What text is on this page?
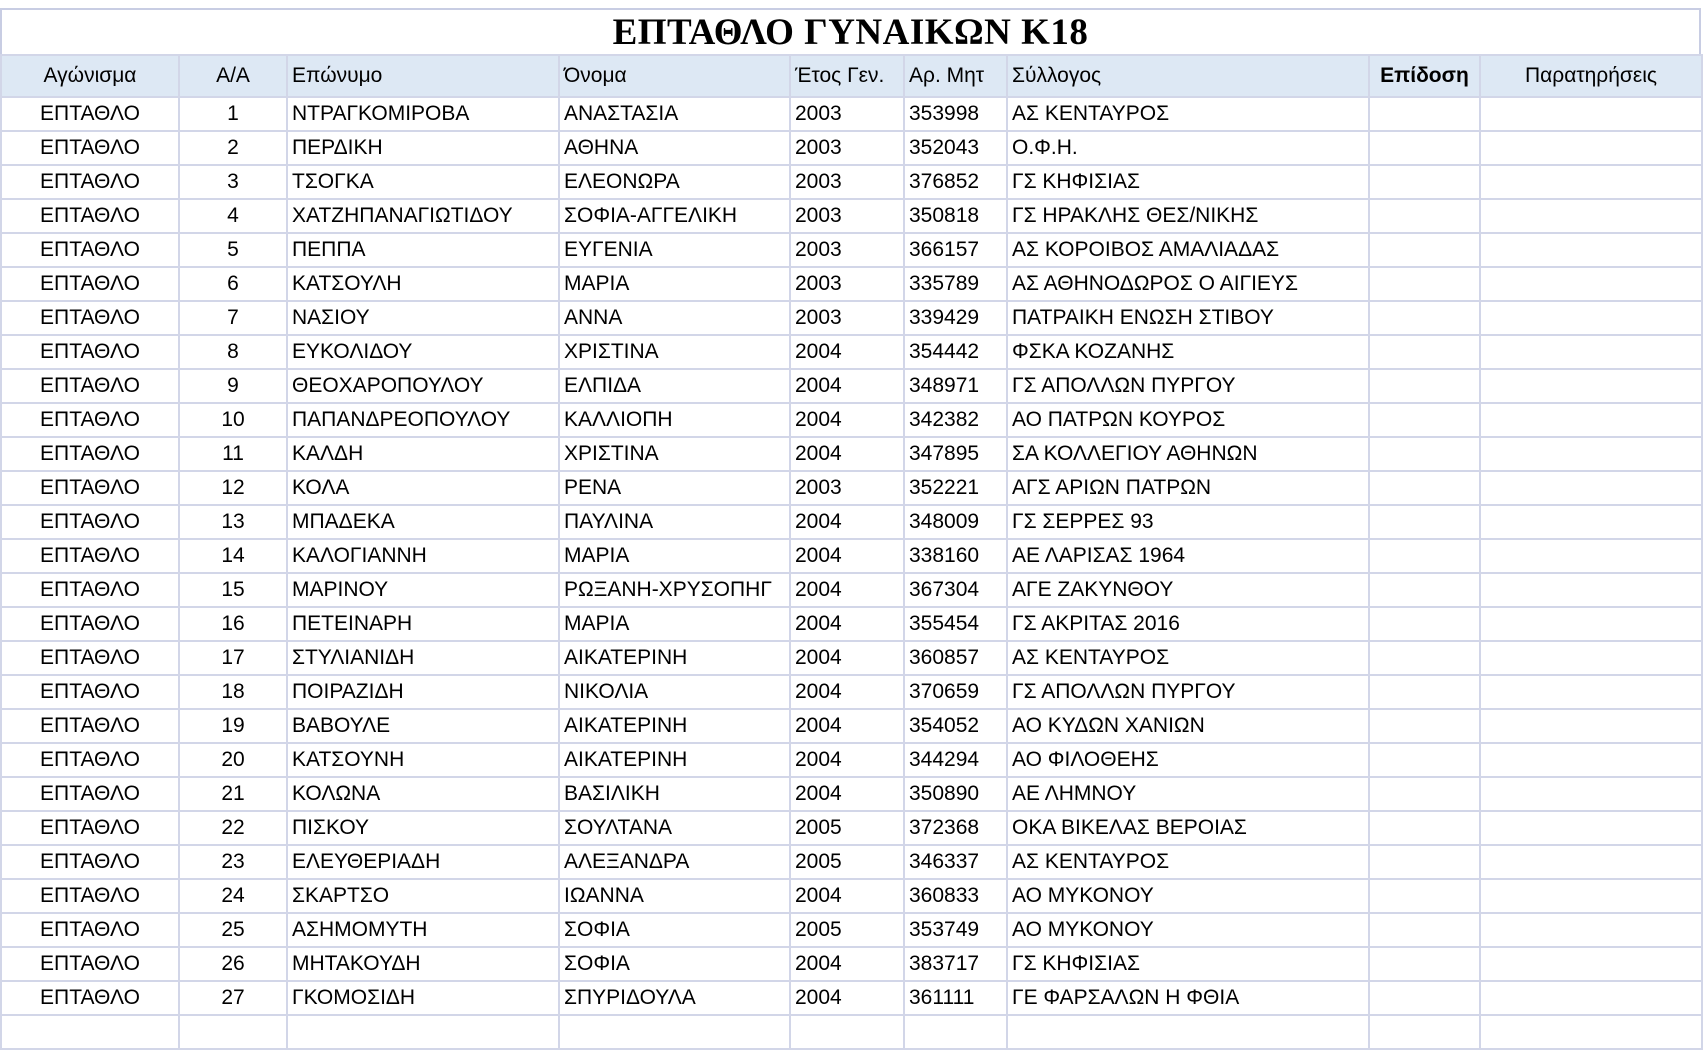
ΕΠΤΑΘΛΟ ΓΥΝΑΙΚΩΝ Κ18
Αγώνισμα	Α/Α	Επώνυμο	Όνομα	Έτος Γεν.	Αρ. Μητ	Σύλλογος	Επίδοση	Παρατηρήσεις
ΕΠΤΑΘΛΟ	1	ΝΤΡΑΓΚΟΜΙΡΟΒΑ	ΑΝΑΣΤΑΣΙΑ	2003	353998	ΑΣ ΚΕΝΤΑΥΡΟΣ		
ΕΠΤΑΘΛΟ	2	ΠΕΡΔΙΚΗ	ΑΘΗΝΑ	2003	352043	Ο.Φ.Η.		
ΕΠΤΑΘΛΟ	3	ΤΣΟΓΚΑ	ΕΛΕΟΝΩΡΑ	2003	376852	ΓΣ ΚΗΦΙΣΙΑΣ		
ΕΠΤΑΘΛΟ	4	ΧΑΤΖΗΠΑΝΑΓΙΩΤΙΔΟΥ	ΣΟΦΙΑ-ΑΓΓΕΛΙΚΗ	2003	350818	ΓΣ ΗΡΑΚΛΗΣ ΘΕΣ/ΝΙΚΗΣ		
ΕΠΤΑΘΛΟ	5	ΠΕΠΠΑ	ΕΥΓΕΝΙΑ	2003	366157	ΑΣ ΚΟΡΟΙΒΟΣ ΑΜΑΛΙΑΔΑΣ		
ΕΠΤΑΘΛΟ	6	ΚΑΤΣΟΥΛΗ	ΜΑΡΙΑ	2003	335789	ΑΣ ΑΘΗΝΟΔΩΡΟΣ Ο ΑΙΓΙΕΥΣ		
ΕΠΤΑΘΛΟ	7	ΝΑΣΙΟΥ	ΑΝΝΑ	2003	339429	ΠΑΤΡΑΙΚΗ ΕΝΩΣΗ ΣΤΙΒΟΥ		
ΕΠΤΑΘΛΟ	8	ΕΥΚΟΛΙΔΟΥ	ΧΡΙΣΤΙΝΑ	2004	354442	ΦΣΚΑ ΚΟΖΑΝΗΣ		
ΕΠΤΑΘΛΟ	9	ΘΕΟΧΑΡΟΠΟΥΛΟΥ	ΕΛΠΙΔΑ	2004	348971	ΓΣ ΑΠΟΛΛΩΝ ΠΥΡΓΟΥ		
ΕΠΤΑΘΛΟ	10	ΠΑΠΑΝΔΡΕΟΠΟΥΛΟΥ	ΚΑΛΛΙΟΠΗ	2004	342382	ΑΟ ΠΑΤΡΩΝ ΚΟΥΡΟΣ		
ΕΠΤΑΘΛΟ	11	ΚΑΛΔΗ	ΧΡΙΣΤΙΝΑ	2004	347895	ΣΑ ΚΟΛΛΕΓΙΟΥ ΑΘΗΝΩΝ		
ΕΠΤΑΘΛΟ	12	ΚΟΛΑ	ΡΕΝΑ	2003	352221	ΑΓΣ ΑΡΙΩΝ ΠΑΤΡΩΝ		
ΕΠΤΑΘΛΟ	13	ΜΠΑΔΕΚΑ	ΠΑΥΛΙΝΑ	2004	348009	ΓΣ ΣΕΡΡΕΣ 93		
ΕΠΤΑΘΛΟ	14	ΚΑΛΟΓΙΑΝΝΗ	ΜΑΡΙΑ	2004	338160	ΑΕ ΛΑΡΙΣΑΣ 1964		
ΕΠΤΑΘΛΟ	15	ΜΑΡΙΝΟΥ	ΡΩΞΑΝΗ-ΧΡΥΣΟΠΗΓ	2004	367304	ΑΓΕ ΖΑΚΥΝΘΟΥ		
ΕΠΤΑΘΛΟ	16	ΠΕΤΕΙΝΑΡΗ	ΜΑΡΙΑ	2004	355454	ΓΣ ΑΚΡΙΤΑΣ 2016		
ΕΠΤΑΘΛΟ	17	ΣΤΥΛΙΑΝΙΔΗ	ΑΙΚΑΤΕΡΙΝΗ	2004	360857	ΑΣ ΚΕΝΤΑΥΡΟΣ		
ΕΠΤΑΘΛΟ	18	ΠΟΙΡΑΖΙΔΗ	ΝΙΚΟΛΙΑ	2004	370659	ΓΣ ΑΠΟΛΛΩΝ ΠΥΡΓΟΥ		
ΕΠΤΑΘΛΟ	19	ΒΑΒΟΥΛΕ	ΑΙΚΑΤΕΡΙΝΗ	2004	354052	ΑΟ ΚΥΔΩΝ ΧΑΝΙΩΝ		
ΕΠΤΑΘΛΟ	20	ΚΑΤΣΟΥΝΗ	ΑΙΚΑΤΕΡΙΝΗ	2004	344294	ΑΟ ΦΙΛΟΘΕΗΣ		
ΕΠΤΑΘΛΟ	21	ΚΟΛΩΝΑ	ΒΑΣΙΛΙΚΗ	2004	350890	ΑΕ ΛΗΜΝΟΥ		
ΕΠΤΑΘΛΟ	22	ΠΙΣΚΟΥ	ΣΟΥΛΤΑΝΑ	2005	372368	ΟΚΑ ΒΙΚΕΛΑΣ ΒΕΡΟΙΑΣ		
ΕΠΤΑΘΛΟ	23	ΕΛΕΥΘΕΡΙΑΔΗ	ΑΛΕΞΑΝΔΡΑ	2005	346337	ΑΣ ΚΕΝΤΑΥΡΟΣ		
ΕΠΤΑΘΛΟ	24	ΣΚΑΡΤΣΟ	ΙΩΑΝΝΑ	2004	360833	ΑΟ ΜΥΚΟΝΟΥ		
ΕΠΤΑΘΛΟ	25	ΑΣΗΜΟΜΥΤΗ	ΣΟΦΙΑ	2005	353749	ΑΟ ΜΥΚΟΝΟΥ		
ΕΠΤΑΘΛΟ	26	ΜΗΤΑΚΟΥΔΗ	ΣΟΦΙΑ	2004	383717	ΓΣ ΚΗΦΙΣΙΑΣ		
ΕΠΤΑΘΛΟ	27	ΓΚΟΜΟΣΙΔΗ	ΣΠΥΡΙΔΟΥΛΑ	2004	361111	ΓΕ ΦΑΡΣΑΛΩΝ Η ΦΘΙΑ		
